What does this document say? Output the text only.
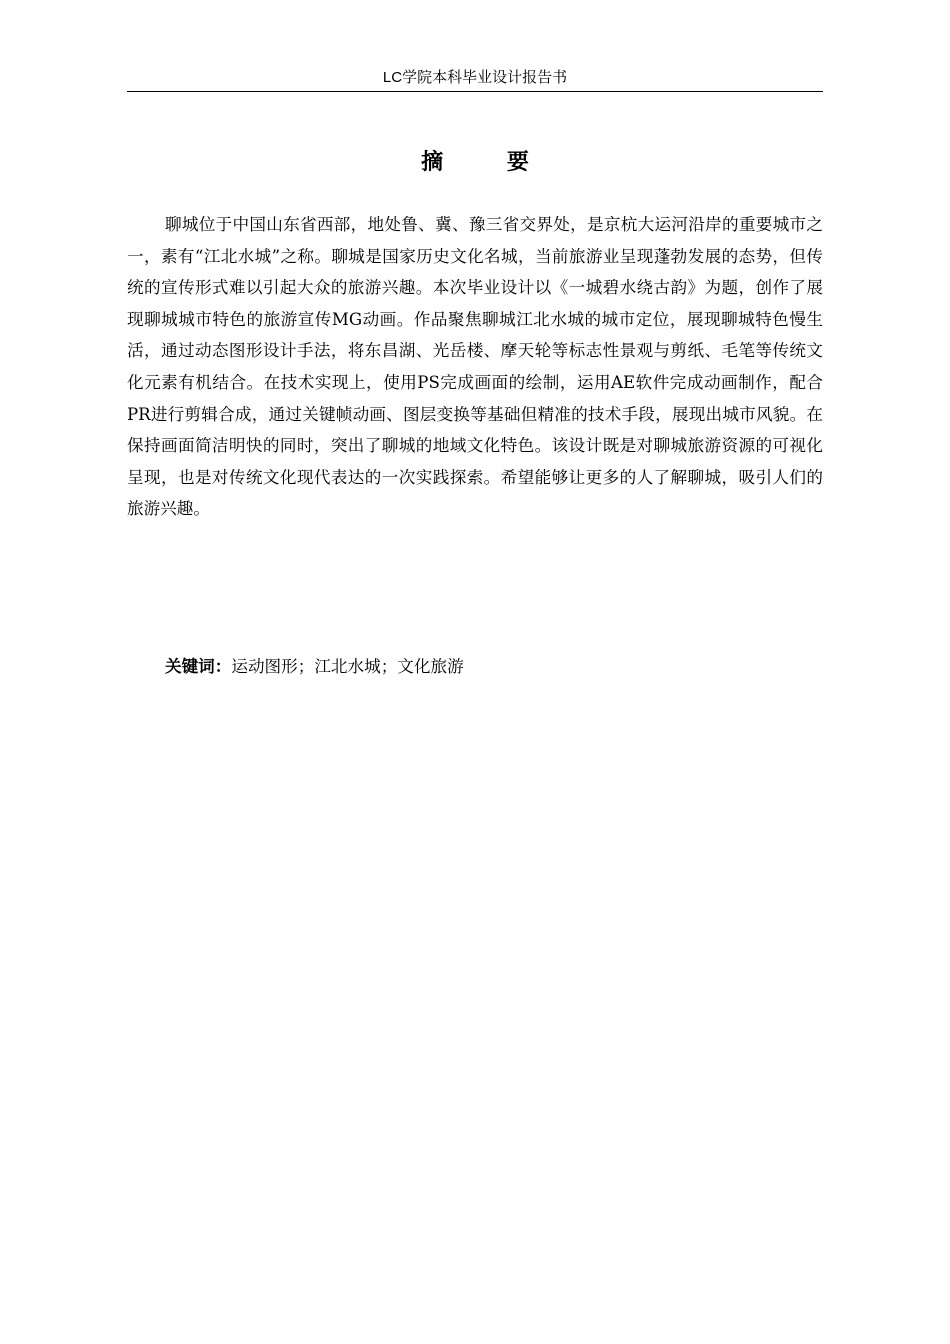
LC学院本科毕业设计报告书
摘 要

聊城位于中国山东省西部，地处鲁、冀、豫三省交界处，是京杭大运河沿岸的重要城市之一，素有“江北水城”之称。聊城是国家历史文化名城，当前旅游业呈现蓬勃发展的态势，但传统的宣传形式难以引起大众的旅游兴趣。本次毕业设计以《一城碧水绕古韵》为题，创作了展现聊城城市特色的旅游宣传MG动画。作品聚焦聊城江北水城的城市定位，展现聊城特色慢生活，通过动态图形设计手法，将东昌湖、光岳楼、摩天轮等标志性景观与剪纸、毛笔等传统文化元素有机结合。在技术实现上，使用PS完成画面的绘制，运用AE软件完成动画制作，配合PR进行剪辑合成，通过关键帧动画、图层变换等基础但精准的技术手段，展现出城市风貌。在保持画面简洁明快的同时，突出了聊城的地域文化特色。该设计既是对聊城旅游资源的可视化呈现，也是对传统文化现代表达的一次实践探索。希望能够让更多的人了解聊城，吸引人们的旅游兴趣。

关键词：运动图形；江北水城；文化旅游
